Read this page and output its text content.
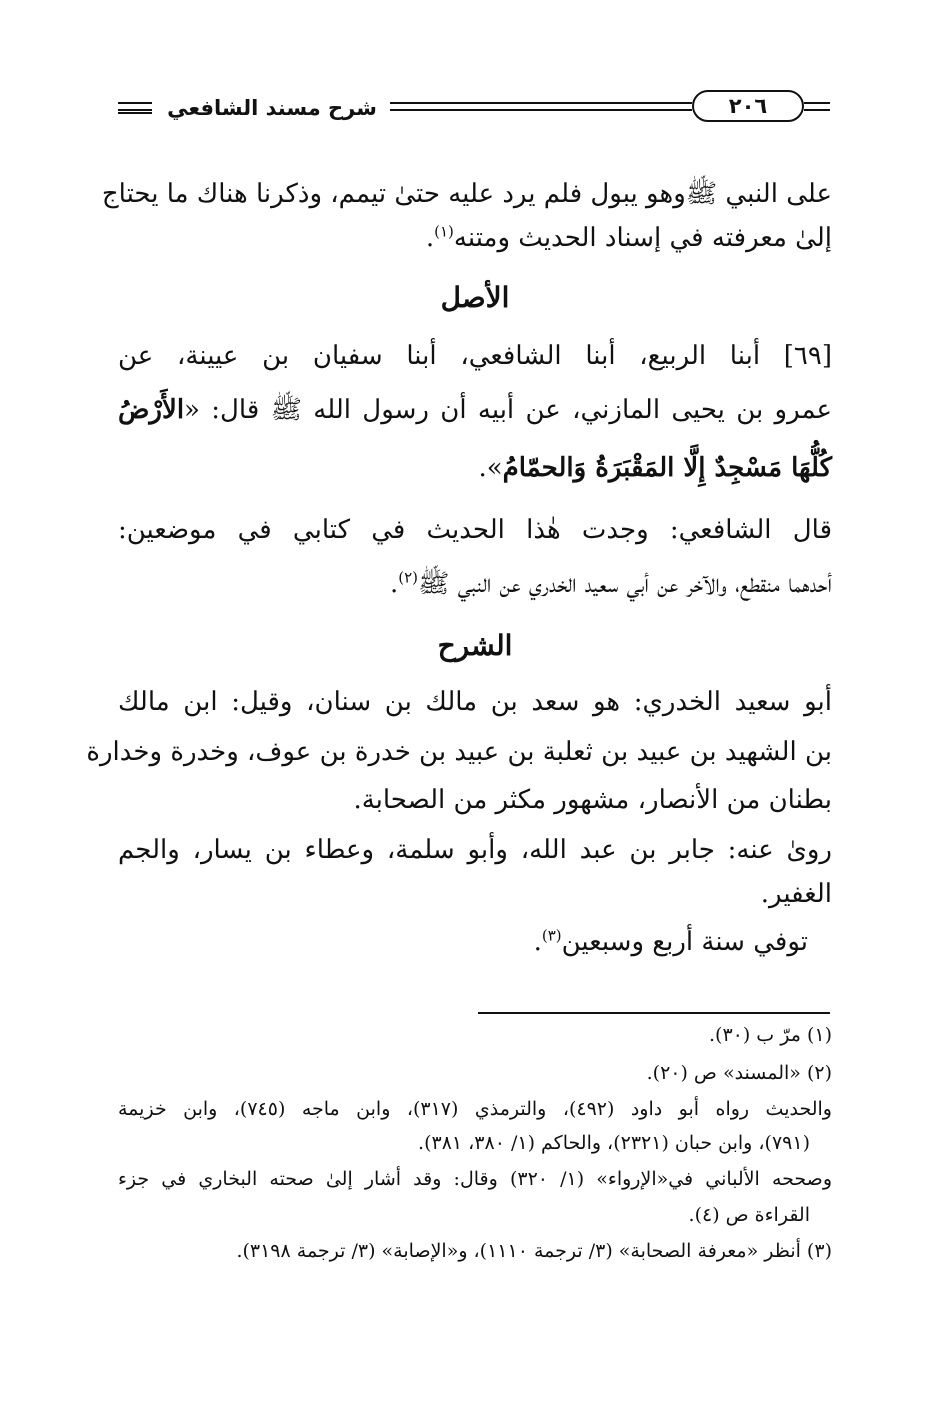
شرح مسند الشافعي	٢٠٦
على النبي ﷺوهو يبول فلم يرد عليه حتىٰ تيمم، وذكرنا هناك ما يحتاج
إلىٰ معرفته في إسناد الحديث ومتنه$^{(١)}$.
الأصل
[٦٩] أبنا الربيع، أبنا الشافعي، أبنا سفيان بن عيينة، عن
عمرو بن يحيى المازني، عن أبيه أن رسول الله ﷺ قال: «الأَرْضُ
كُلُّهَا مَسْجِدٌ إِلَّا المَقْبَرَةُ وَالحمّامُ».
قال الشافعي: وجدت هٰذا الحديث في كتابي في موضعين:
أحدهما منقطع، والآخر عن أبي سعيد الخدري عن النبي ﷺ$^{(٢)}$.
الشرح
أبو سعيد الخدري: هو سعد بن مالك بن سنان، وقيل: ابن مالك
بن الشهيد بن عبيد بن ثعلبة بن عبيد بن خدرة بن عوف، وخدرة وخدارة
بطنان من الأنصار، مشهور مكثر من الصحابة.
روىٰ عنه: جابر بن عبد الله، وأبو سلمة، وعطاء بن يسار، والجم
الغفير.
توفي سنة أربع وسبعين$^{(٣)}$.
(١) مرّ ب (٣٠).
(٢) «المسند» ص (٢٠).
والحديث رواه أبو داود (٤٩٢)، والترمذي (٣١٧)، وابن ماجه (٧٤٥)، وابن خزيمة
(٧٩١)، وابن حبان (٢٣٢١)، والحاكم (١/ ٣٨٠، ٣٨١).
وصححه الألباني في«الإرواء» (١/ ٣٢٠) وقال: وقد أشار إلىٰ صحته البخاري في جزء
القراءة ص (٤).
(٣) أنظر «معرفة الصحابة» (٣/ ترجمة ١١١٠)، و«الإصابة» (٣/ ترجمة ٣١٩٨).
